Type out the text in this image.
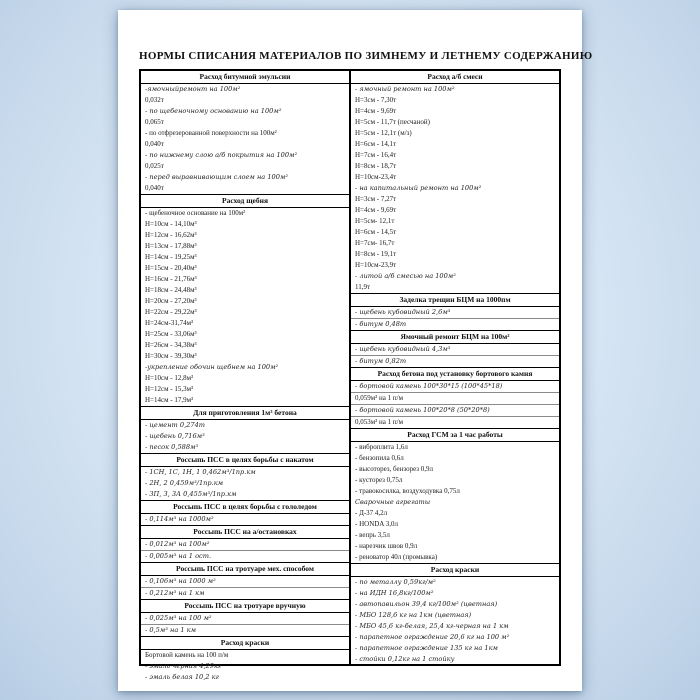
НОРМЫ СПИСАНИЯ МАТЕРИАЛОВ ПО ЗИМНЕМУ И ЛЕТНЕМУ СОДЕРЖАНИЮ
Расход битумной эмульсии
-ямочныйремонт на 100м²
0,032т
- по щебеночному основанию на 100м²
0,065т
- по отфрезерованной поверхности на 100м²
0,040т
- по нижнему слою а/б покрытия на 100м²
0,025т
- перед выравнивающим слоем на 100м²
0,040т
Расход щебня
- щебеночное основание на 100м²
Н=10см - 14,10м³
Н=12см - 16,62м³
Н=13см - 17,88м³
Н=14см - 19,25м³
Н=15см - 20,40м³
Н=16см - 21,76м³
Н=18см - 24,48м³
Н=20см - 27,20м³
Н=22см - 29,22м³
Н=24см-31,74м³
Н=25см - 33,06м³
Н=26см - 34,38м³
Н=30см - 39,30м³
-укрепление обочин щебнем на 100м²
Н=10см - 12,8м³
Н=12см - 15,3м³
Н=14см - 17,9м³
Для приготовления 1м³ бетона
- цемент 0,274т
- щебень 0,716м³
- песок 0,588м³
Россыпь ПСС в целях борьбы с накатом
- 1СН, 1С, 1Н, 1 0,462м³/1пр.км
- 2Н, 2 0,459м³/1пр.км
- 3П, 3, 3А 0,455м³/1пр.км
Россыпь ПСС в целях борьбы с гололедом
- 0,114м³ на 1000м²
Россыпь ПСС на а/остановках
- 0,012м³ на 100м²
- 0,005м³ на 1 ост.
Россыпь ПСС на тротуаре мех. способом
- 0,106м³ на 1000 м²
- 0,212м³ на 1 км
Россыпь ПСС на тротуаре вручную
- 0,025м³ на 100 м²
- 0,5м³ на 1 км
Расход краски
Бортовой камень на 100 п/м
- эмаль черная 4,29кг
- эмаль белая 10,2 кг
Расход а/б смеси
- ямочный ремонт на 100м²
Н=3см - 7,30т
Н=4см - 9,69т
Н=5см - 11,7т (песчаной)
Н=5см - 12,1т (м/з)
Н=6см - 14,1т
Н=7см - 16,4т
Н=8см - 18,7т
Н=10см-23,4т
- на капитальный ремонт на 100м²
Н=3см - 7,27т
Н=4см - 9,69т
Н=5см- 12,1т
Н=6см - 14,5т
Н=7см- 16,7т
Н=8см - 19,1т
Н=10см-23,9т
- литой а/б смесью на 100м²
11,9т
Заделка трещин БЦМ на 1000пм
- щебень кубовидный 2,6м³
- битум 0,48т
Ямочный ремонт БЦМ на 100м²
- щебень кубовидный 4,3м³
- битум 0,82т
Расход бетона под установку бортового камня
- бортовой камень 100*30*15 (100*45*18)
0,059м³ на 1 п/м
- бортовой камень 100*20*8 (50*20*8)
0,053м³ на 1 п/м
Расход ГСМ за 1 час работы
- виброплита 1,6л
- бензопила 0,6л
- высоторез, бензорез 0,9л
- кусторез 0,75л
- травокосилка, воздуходувка 0,75л
Сварочные агрегаты
- Д-37 4,2л
- HONDA 3,0л
- вепрь 3,5л
- нарезчик швов 0,9л
- реноватор 40л (промывка)
Расход краски
- по металлу 0,59кг/м²
- на ИДН 16,8кг/100м²
- автопавильон 39,4 кг/100м² (цветная)
- МБО 128,6 кг на 1км (цветная)
- МБО 45,6 кг-белая, 25,4 кг-черная на 1 км
- парапетное ограждение 20,6 кг на 100 м²
- парапетное ограждение 135 кг на 1км
- стойки 0,12кг на 1 стойку
